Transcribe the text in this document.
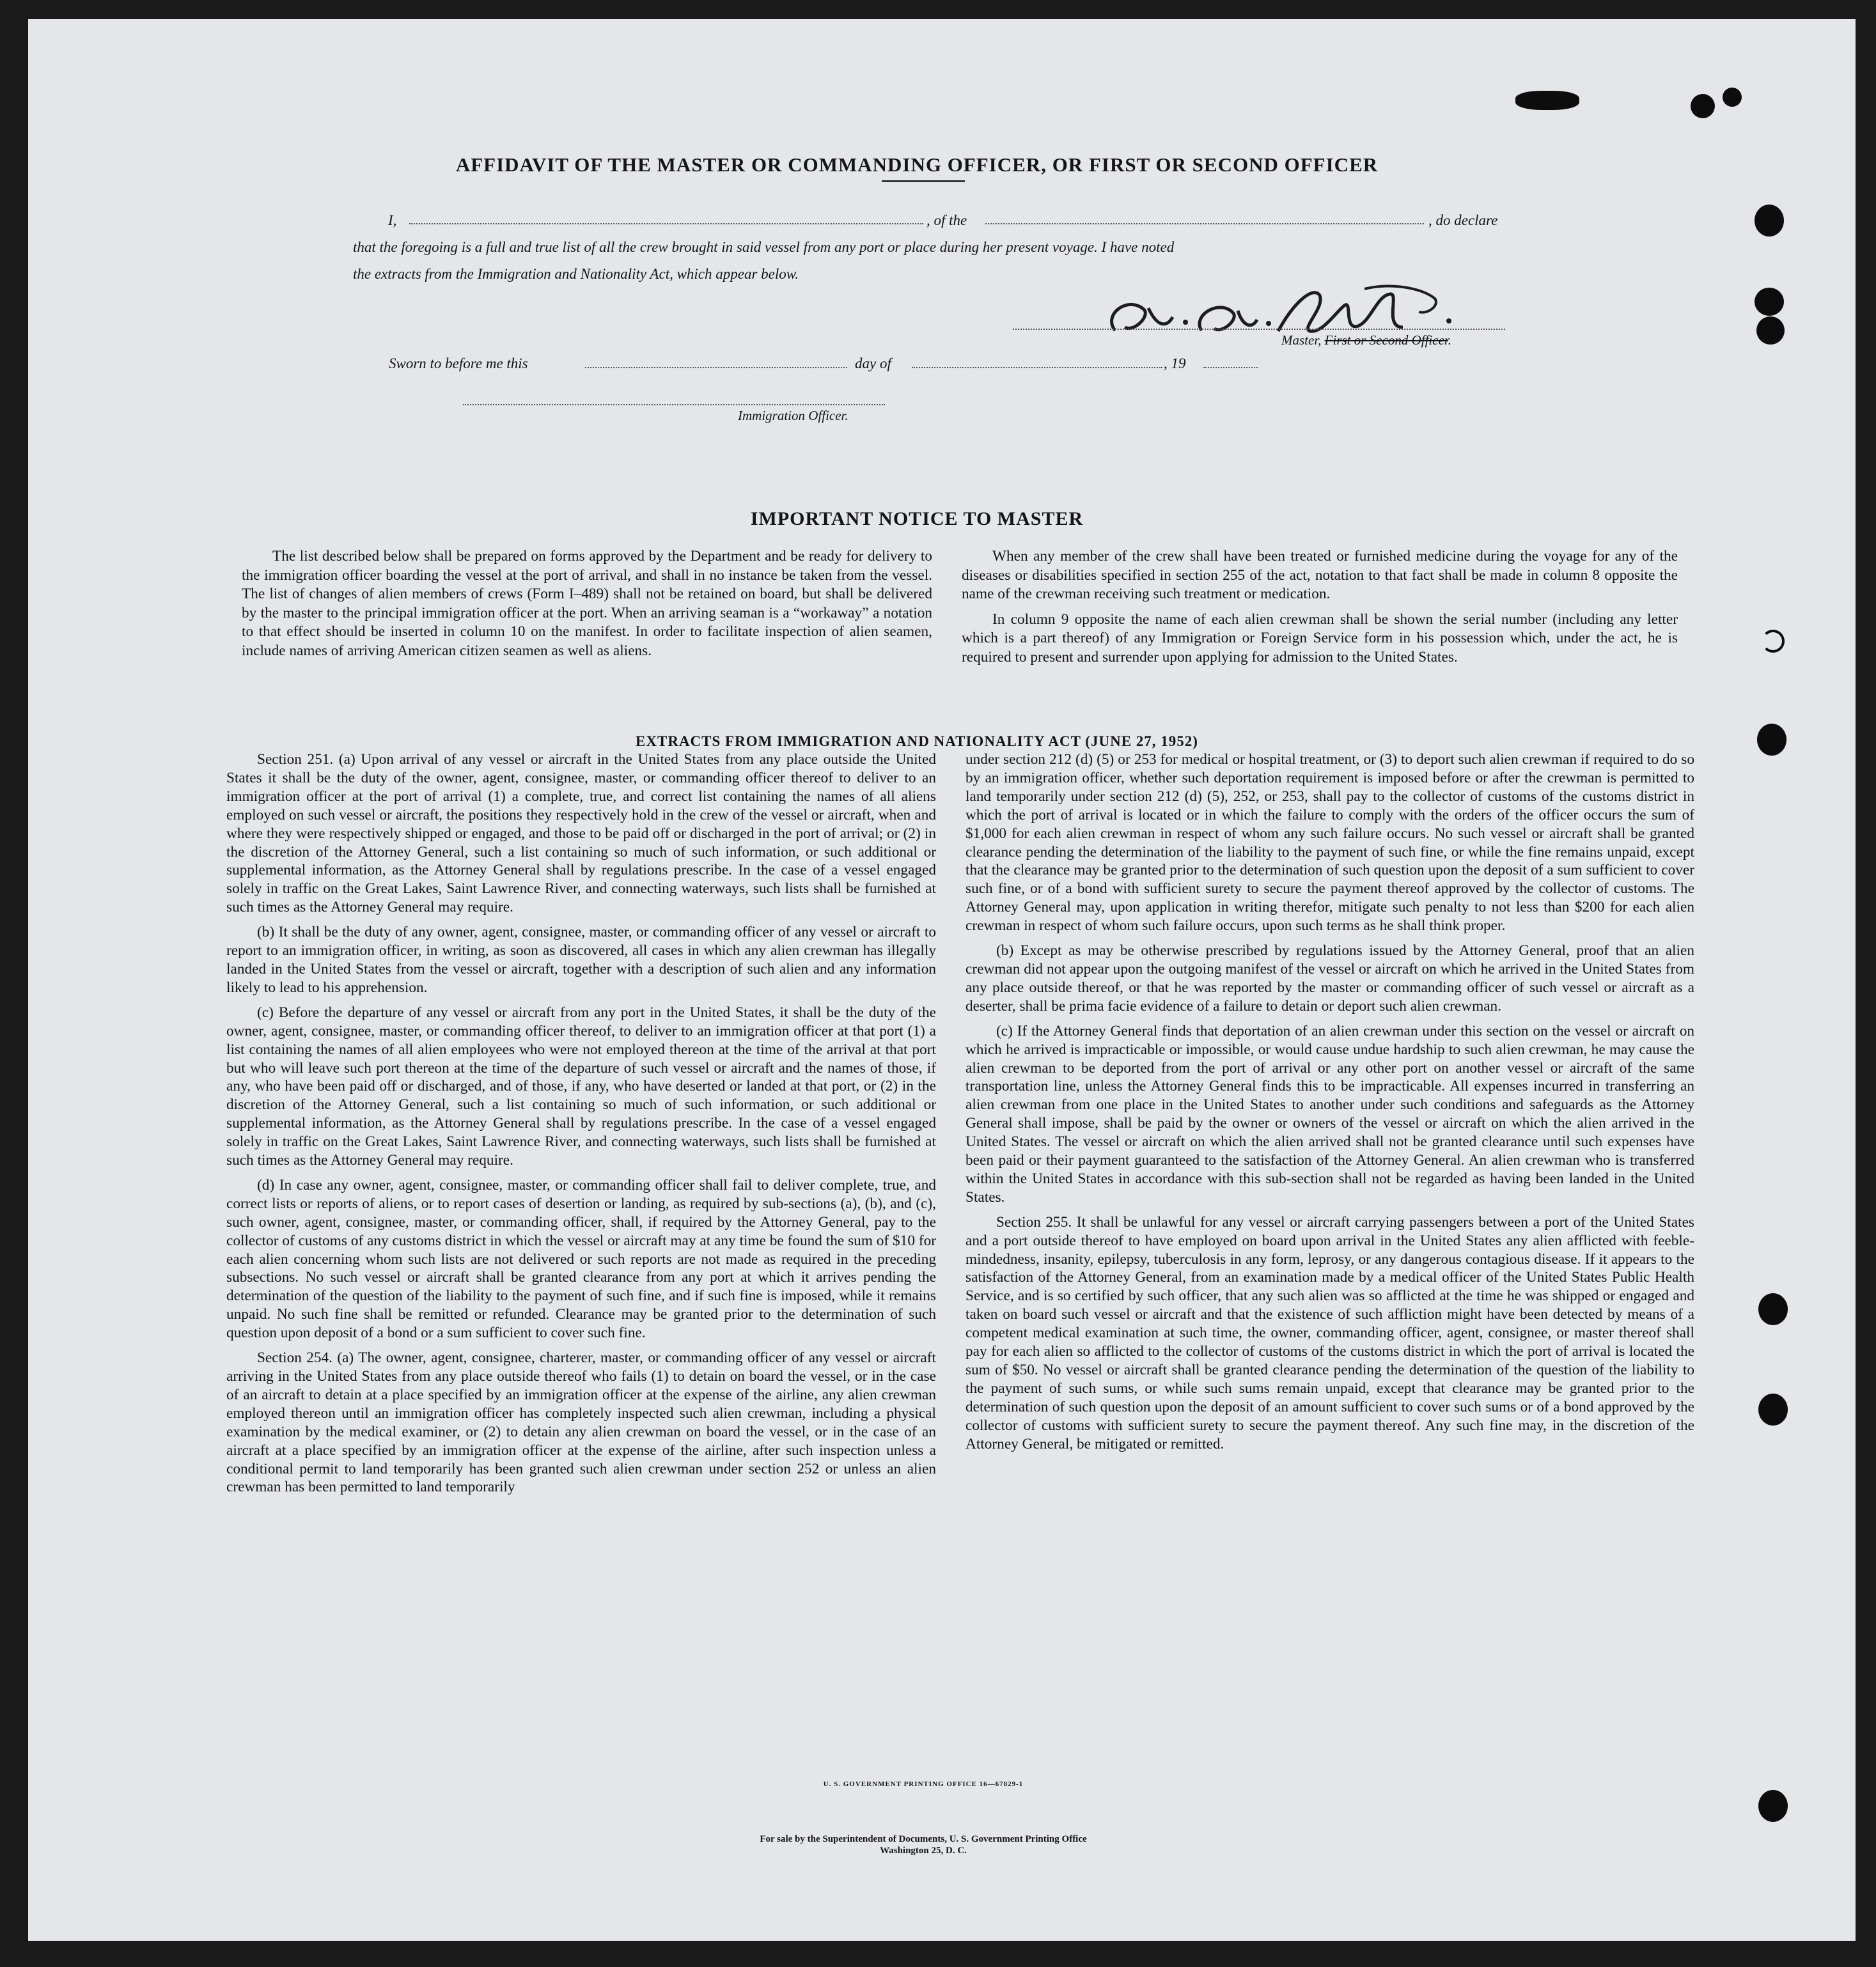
AFFIDAVIT OF THE MASTER OR COMMANDING OFFICER, OR FIRST OR SECOND OFFICER
I,	, of the	, do declare
that the foregoing is a full and true list of all the crew brought in said vessel from any port or place during her present voyage. I have noted
the extracts from the Immigration and Nationality Act, which appear below.
Master, First or Second Officer.
Sworn to before me this	day of	, 19
Immigration Officer.
IMPORTANT NOTICE TO MASTER

The list described below shall be prepared on forms approved by the Department and be ready for delivery to the immigration officer boarding the vessel at the port of arrival, and shall in no instance be taken from the vessel. The list of changes of alien members of crews (Form I–489) shall not be retained on board, but shall be delivered by the master to the principal immigration officer at the port. When an arriving seaman is a “workaway” a notation to that effect should be inserted in column 10 on the manifest. In order to facilitate inspection of alien seamen, include names of arriving American citizen seamen as well as aliens.

When any member of the crew shall have been treated or furnished medicine during the voyage for any of the diseases or disabilities specified in section 255 of the act, notation to that fact shall be made in column 8 opposite the name of the crewman receiving such treatment or medication.

In column 9 opposite the name of each alien crewman shall be shown the serial number (including any letter which is a part thereof) of any Immigration or Foreign Service form in his possession which, under the act, he is required to present and surrender upon applying for admission to the United States.

EXTRACTS FROM IMMIGRATION AND NATIONALITY ACT (JUNE 27, 1952)

Section 251. (a) Upon arrival of any vessel or aircraft in the United States from any place outside the United States it shall be the duty of the owner, agent, consignee, master, or commanding officer thereof to deliver to an immigration officer at the port of arrival (1) a complete, true, and correct list containing the names of all aliens employed on such vessel or aircraft, the positions they respectively hold in the crew of the vessel or aircraft, when and where they were respectively shipped or engaged, and those to be paid off or discharged in the port of arrival; or (2) in the discretion of the Attorney General, such a list containing so much of such information, or such additional or supplemental information, as the Attorney General shall by regulations prescribe. In the case of a vessel engaged solely in traffic on the Great Lakes, Saint Lawrence River, and connecting waterways, such lists shall be furnished at such times as the Attorney General may require.

(b) It shall be the duty of any owner, agent, consignee, master, or commanding officer of any vessel or aircraft to report to an immigration officer, in writing, as soon as discovered, all cases in which any alien crewman has illegally landed in the United States from the vessel or aircraft, together with a description of such alien and any information likely to lead to his apprehension.

(c) Before the departure of any vessel or aircraft from any port in the United States, it shall be the duty of the owner, agent, consignee, master, or commanding officer thereof, to deliver to an immigration officer at that port (1) a list containing the names of all alien employees who were not employed thereon at the time of the arrival at that port but who will leave such port thereon at the time of the departure of such vessel or aircraft and the names of those, if any, who have been paid off or discharged, and of those, if any, who have deserted or landed at that port, or (2) in the discretion of the Attorney General, such a list containing so much of such information, or such additional or supplemental information, as the Attorney General shall by regulations prescribe. In the case of a vessel engaged solely in traffic on the Great Lakes, Saint Lawrence River, and connecting waterways, such lists shall be furnished at such times as the Attorney General may require.

(d) In case any owner, agent, consignee, master, or commanding officer shall fail to deliver complete, true, and correct lists or reports of aliens, or to report cases of desertion or landing, as required by sub-sections (a), (b), and (c), such owner, agent, consignee, master, or commanding officer, shall, if required by the Attorney General, pay to the collector of customs of any customs district in which the vessel or aircraft may at any time be found the sum of $10 for each alien concerning whom such lists are not delivered or such reports are not made as required in the preceding subsections. No such vessel or aircraft shall be granted clearance from any port at which it arrives pending the determination of the question of the liability to the payment of such fine, and if such fine is imposed, while it remains unpaid. No such fine shall be remitted or refunded. Clearance may be granted prior to the determination of such question upon deposit of a bond or a sum sufficient to cover such fine.

Section 254. (a) The owner, agent, consignee, charterer, master, or commanding officer of any vessel or aircraft arriving in the United States from any place outside thereof who fails (1) to detain on board the vessel, or in the case of an aircraft to detain at a place specified by an immigration officer at the expense of the airline, any alien crewman employed thereon until an immigration officer has completely inspected such alien crewman, including a physical examination by the medical examiner, or (2) to detain any alien crewman on board the vessel, or in the case of an aircraft at a place specified by an immigration officer at the expense of the airline, after such inspection unless a conditional permit to land temporarily has been granted such alien crewman under section 252 or unless an alien crewman has been permitted to land temporarily

under section 212 (d) (5) or 253 for medical or hospital treatment, or (3) to deport such alien crewman if required to do so by an immigration officer, whether such deportation requirement is imposed before or after the crewman is permitted to land temporarily under section 212 (d) (5), 252, or 253, shall pay to the collector of customs of the customs district in which the port of arrival is located or in which the failure to comply with the orders of the officer occurs the sum of $1,000 for each alien crewman in respect of whom any such failure occurs. No such vessel or aircraft shall be granted clearance pending the determination of the liability to the payment of such fine, or while the fine remains unpaid, except that the clearance may be granted prior to the determination of such question upon the deposit of a sum sufficient to cover such fine, or of a bond with sufficient surety to secure the payment thereof approved by the collector of customs. The Attorney General may, upon application in writing therefor, mitigate such penalty to not less than $200 for each alien crewman in respect of whom such failure occurs, upon such terms as he shall think proper.

(b) Except as may be otherwise prescribed by regulations issued by the Attorney General, proof that an alien crewman did not appear upon the outgoing manifest of the vessel or aircraft on which he arrived in the United States from any place outside thereof, or that he was reported by the master or commanding officer of such vessel or aircraft as a deserter, shall be prima facie evidence of a failure to detain or deport such alien crewman.

(c) If the Attorney General finds that deportation of an alien crewman under this section on the vessel or aircraft on which he arrived is impracticable or impossible, or would cause undue hardship to such alien crewman, he may cause the alien crewman to be deported from the port of arrival or any other port on another vessel or aircraft of the same transportation line, unless the Attorney General finds this to be impracticable. All expenses incurred in transferring an alien crewman from one place in the United States to another under such conditions and safeguards as the Attorney General shall impose, shall be paid by the owner or owners of the vessel or aircraft on which the alien arrived in the United States. The vessel or aircraft on which the alien arrived shall not be granted clearance until such expenses have been paid or their payment guaranteed to the satisfaction of the Attorney General. An alien crewman who is transferred within the United States in accordance with this sub-section shall not be regarded as having been landed in the United States.

Section 255. It shall be unlawful for any vessel or aircraft carrying passengers between a port of the United States and a port outside thereof to have employed on board upon arrival in the United States any alien afflicted with feeble-mindedness, insanity, epilepsy, tuberculosis in any form, leprosy, or any dangerous contagious disease. If it appears to the satisfaction of the Attorney General, from an examination made by a medical officer of the United States Public Health Service, and is so certified by such officer, that any such alien was so afflicted at the time he was shipped or engaged and taken on board such vessel or aircraft and that the existence of such affliction might have been detected by means of a competent medical examination at such time, the owner, commanding officer, agent, consignee, or master thereof shall pay for each alien so afflicted to the collector of customs of the customs district in which the port of arrival is located the sum of $50. No vessel or aircraft shall be granted clearance pending the determination of the question of the liability to the payment of such sums, or while such sums remain unpaid, except that clearance may be granted prior to the determination of such question upon the deposit of an amount sufficient to cover such sums or of a bond approved by the collector of customs with sufficient surety to secure the payment thereof. Any such fine may, in the discretion of the Attorney General, be mitigated or remitted.

U. S. GOVERNMENT PRINTING OFFICE 16—67829-1
For sale by the Superintendent of Documents, U. S. Government Printing Office
Washington 25, D. C.
